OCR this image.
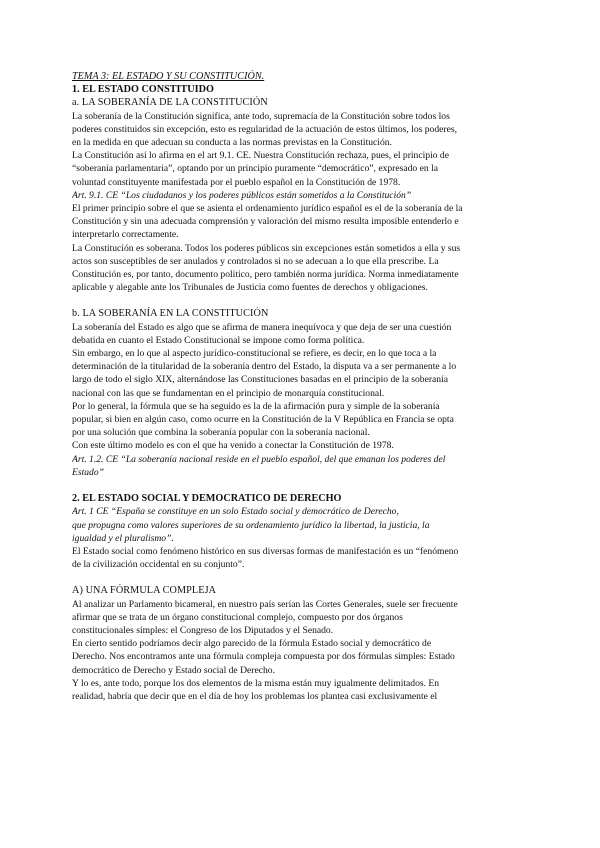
TEMA 3: EL ESTADO Y SU CONSTITUCIÓN.
1. EL ESTADO CONSTITUIDO
a. LA SOBERANÍA DE LA CONSTITUCIÓN
La soberanía de la Constitución significa, ante todo, supremacía de la Constitución sobre todos los
poderes constituidos sin excepción, esto es regularidad de la actuación de estos últimos, los poderes,
en la medida en que adecuan su conducta a las normas previstas en la Constitución.
La Constitución así lo afirma en el art 9.1. CE. Nuestra Constitución rechaza, pues, el principio de
“soberanía parlamentaria”, optando por un principio puramente “democrático”, expresado en la
voluntad constituyente manifestada por el pueblo español en la Constitución de 1978.
Art. 9.1. CE “Los ciudadanos y los poderes públicos están sometidos a la Constitución”
El primer principio sobre el que se asienta el ordenamiento jurídico español es el de la soberanía de la
Constitución y sin una adecuada comprensión y valoración del mismo resulta imposible entenderlo e
interpretarlo correctamente.
La Constitución es soberana. Todos los poderes públicos sin excepciones están sometidos a ella y sus
actos son susceptibles de ser anulados y controlados si no se adecuan a lo que ella prescribe. La
Constitución es, por tanto, documento político, pero también norma jurídica. Norma inmediatamente
aplicable y alegable ante los Tribunales de Justicia como fuentes de derechos y obligaciones.
b. LA SOBERANÍA EN LA CONSTITUCIÓN
La soberanía del Estado es algo que se afirma de manera inequívoca y que deja de ser una cuestión
debatida en cuanto el Estado Constitucional se impone como forma política.
Sin embargo, en lo que al aspecto jurídico-constitucional se refiere, es decir, en lo que toca a la
determinación de la titularidad de la soberanía dentro del Estado, la disputa va a ser permanente a lo
largo de todo el siglo XIX, alternándose las Constituciones basadas en el principio de la soberanía
nacional con las que se fundamentan en el principio de monarquía constitucional.
Por lo general, la fórmula que se ha seguido es la de la afirmación pura y simple de la soberanía
popular, si bien en algún caso, como ocurre en la Constitución de la V República en Francia se opta
por una solución que combina la soberanía popular con la soberanía nacional.
Con este último modelo es con el que ha venido a conectar la Constitución de 1978.
Art. 1.2. CE “La soberanía nacional reside en el pueblo español, del que emanan los poderes del
Estado”
2. EL ESTADO SOCIAL Y DEMOCRATICO DE DERECHO
Art. 1 CE “España se constituye en un solo Estado social y democrático de Derecho,
que propugna como valores superiores de su ordenamiento jurídico la libertad, la justicia, la
igualdad y el pluralismo”.
El Estado social como fenómeno histórico en sus diversas formas de manifestación es un “fenómeno
de la civilización occidental en su conjunto”.
A) UNA FÓRMULA COMPLEJA
Al analizar un Parlamento bicameral, en nuestro país serían las Cortes Generales, suele ser frecuente
afirmar que se trata de un órgano constitucional complejo, compuesto por dos órganos
constitucionales simples: el Congreso de los Diputados y el Senado.
En cierto sentido podríamos decir algo parecido de la fórmula Estado social y democrático de
Derecho. Nos encontramos ante una fórmula compleja compuesta por dos fórmulas simples: Estado
democrático de Derecho y Estado social de Derecho.
Y lo es, ante todo, porque los dos elementos de la misma están muy igualmente delimitados. En
realidad, habría que decir que en el día de hoy los problemas los plantea casi exclusivamente el
